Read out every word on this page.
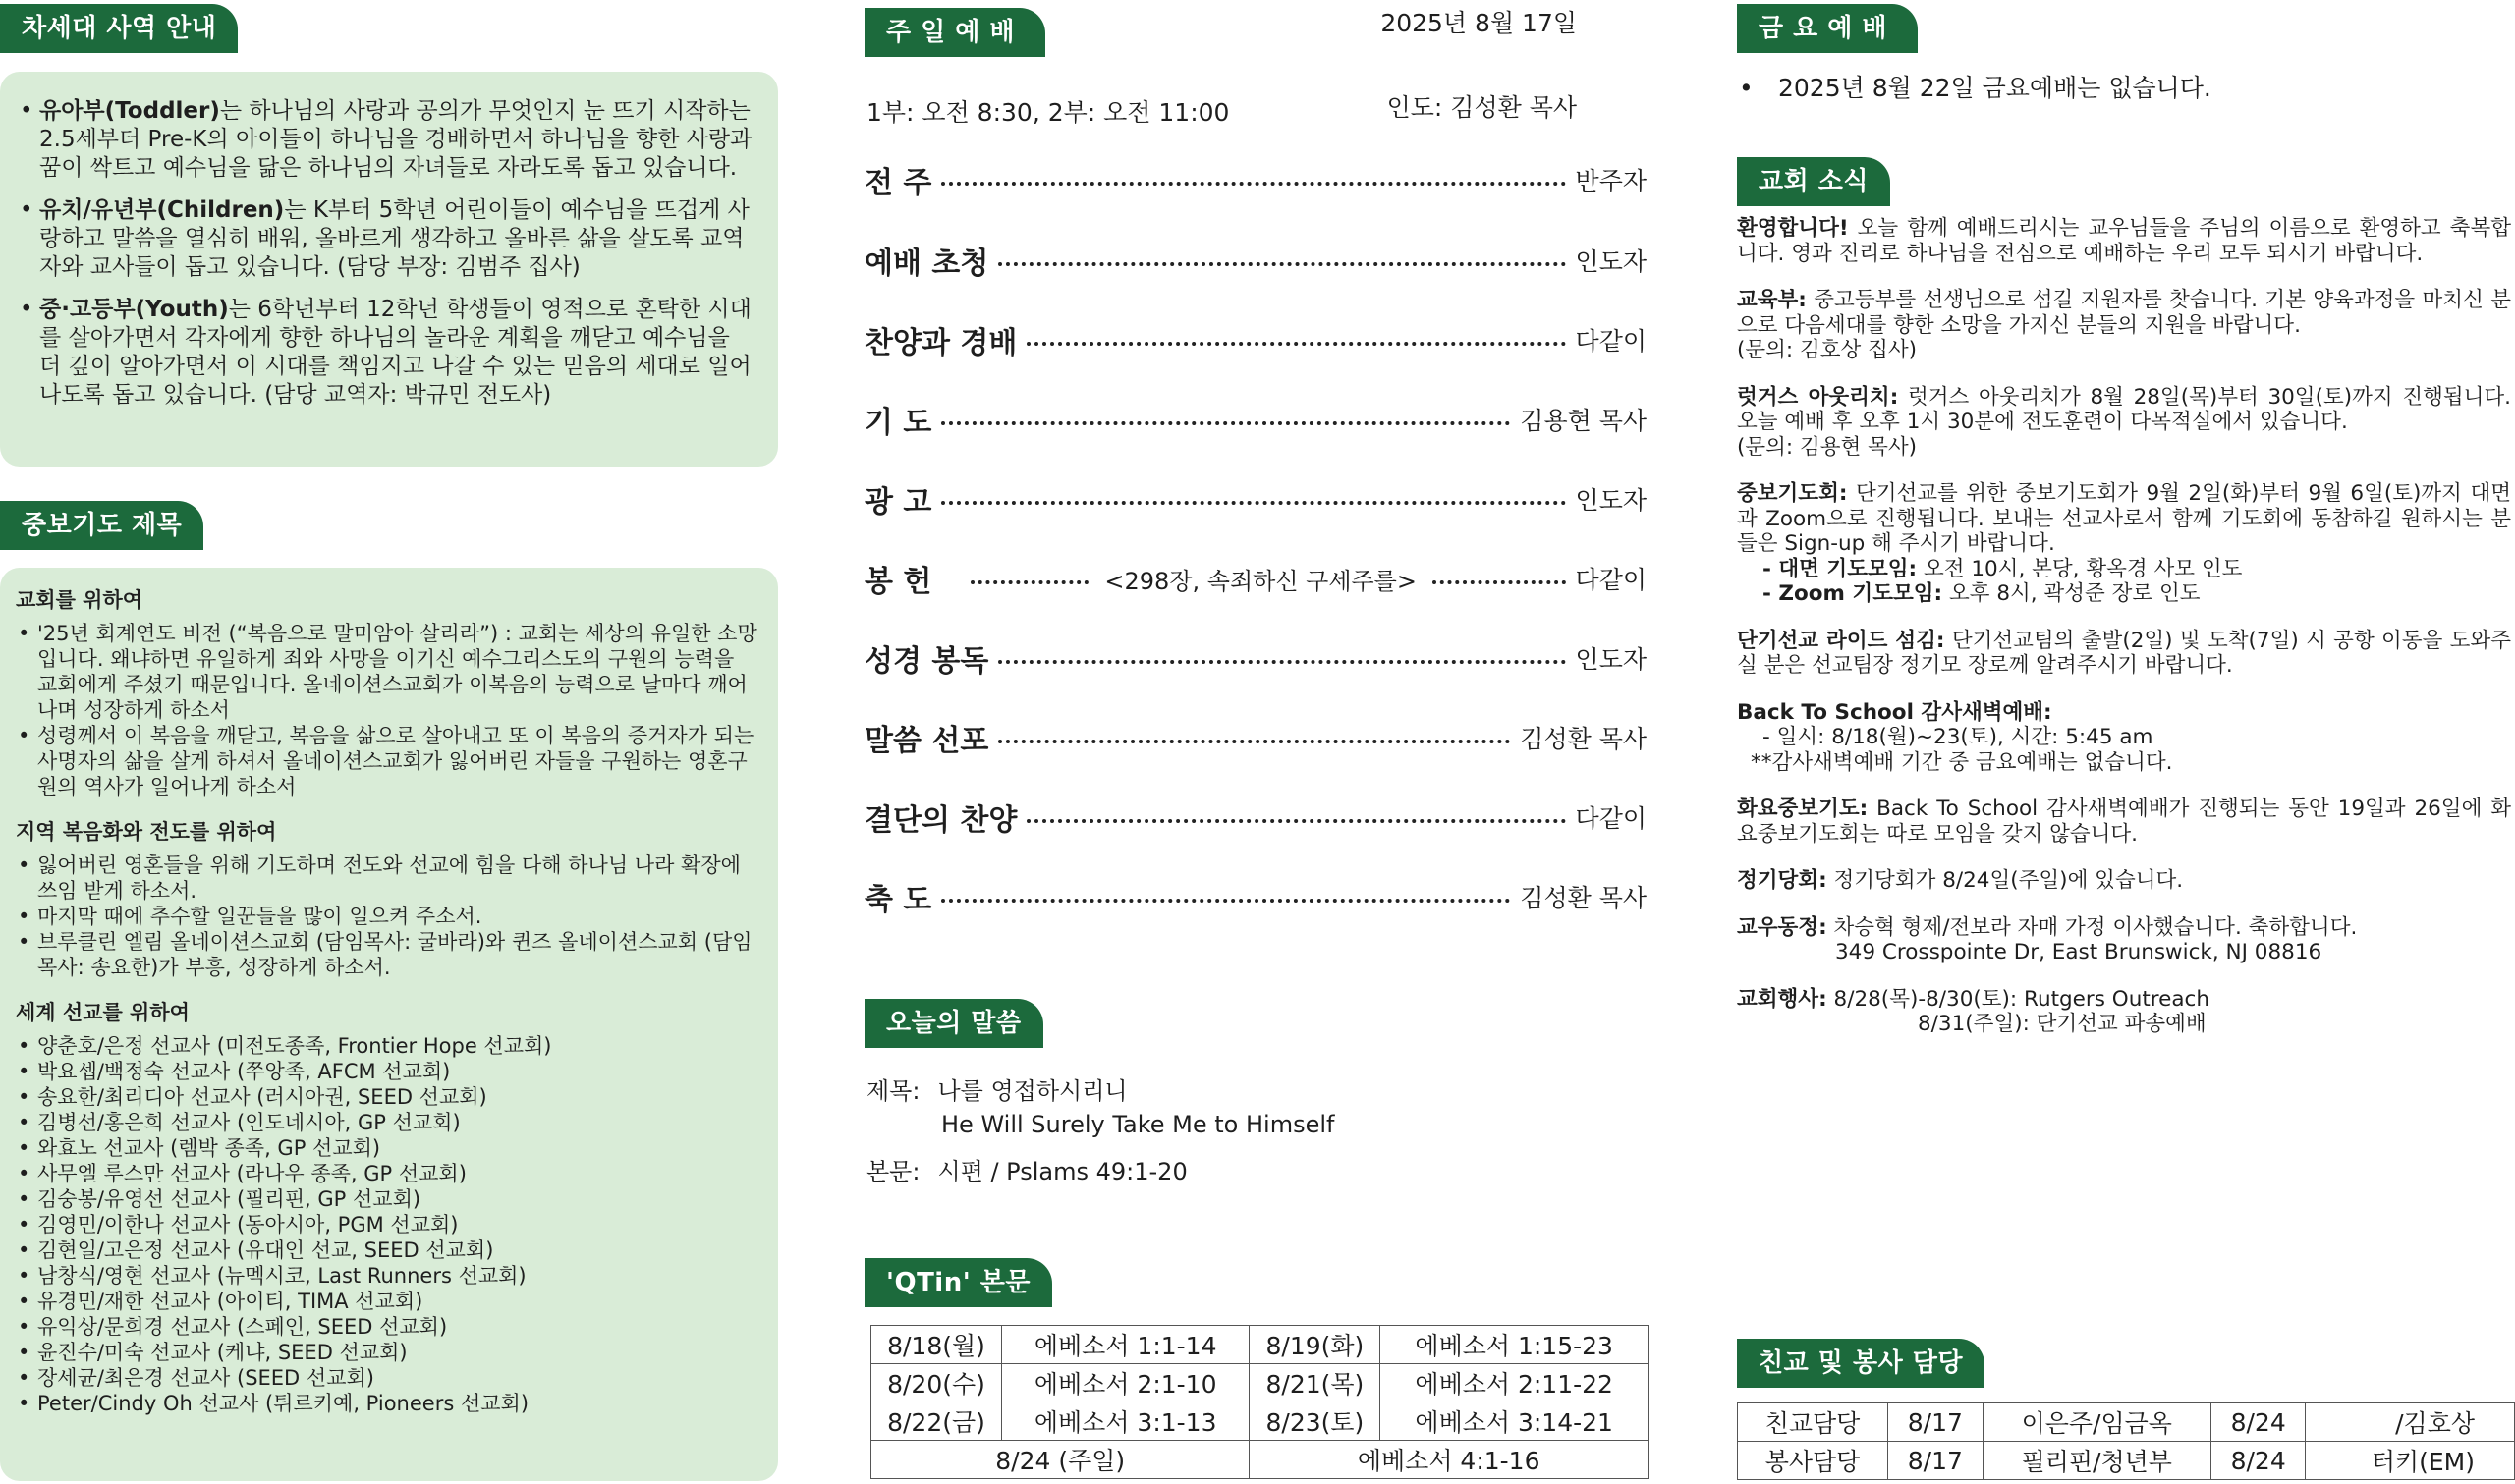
차세대 사역 안내
• 유아부(Toddler)는 하나님의 사랑과 공의가 무엇인지 눈 뜨기 시작하는 2.5세부터 Pre-K의 아이들이 하나님을 경배하면서 하나님을 향한 사랑과 꿈이 싹트고 예수님을 닮은 하나님의 자녀들로 자라도록 돕고 있습니다.
• 유치/유년부(Children)는 K부터 5학년 어린이들이 예수님을 뜨겁게 사랑하고 말씀을 열심히 배워, 올바르게 생각하고 올바른 삶을 살도록 교역자와 교사들이 돕고 있습니다. (담당 부장: 김범주 집사)
• 중·고등부(Youth)는 6학년부터 12학년 학생들이 영적으로 혼탁한 시대를 살아가면서 각자에게 향한 하나님의 놀라운 계획을 깨닫고 예수님을 더 깊이 알아가면서 이 시대를 책임지고 나갈 수 있는 믿음의 세대로 일어나도록 돕고 있습니다. (담당 교역자: 박규민 전도사)
중보기도 제목
교회를 위하여
• '25년 회계연도 비전 (“복음으로 말미암아 살리라”) : 교회는 세상의 유일한 소망입니다. 왜냐하면 유일하게 죄와 사망을 이기신 예수그리스도의 구원의 능력을 교회에게 주셨기 때문입니다. 올네이션스교회가 이복음의 능력으로 날마다 깨어나며 성장하게 하소서
• 성령께서 이 복음을 깨닫고, 복음을 삶으로 살아내고 또 이 복음의 증거자가 되는 사명자의 삶을 살게 하셔서 올네이션스교회가 잃어버린 자들을 구원하는 영혼구원의 역사가 일어나게 하소서
지역 복음화와 전도를 위하여
• 잃어버린 영혼들을 위해 기도하며 전도와 선교에 힘을 다해 하나님 나라 확장에 쓰임 받게 하소서.
• 마지막 때에 추수할 일꾼들을 많이 일으켜 주소서.
• 브루클린 엘림 올네이션스교회 (담임목사: 굴바라)와 퀸즈 올네이션스교회 (담임목사: 송요한)가 부흥, 성장하게 하소서.
세계 선교를 위하여
• 양춘호/은정 선교사 (미전도종족, Frontier Hope 선교회)
• 박요셉/백정숙 선교사 (쭈앙족, AFCM 선교회)
• 송요한/최리디아 선교사 (러시아권, SEED 선교회)
• 김병선/홍은희 선교사 (인도네시아, GP 선교회)
• 와효노 선교사 (렘박 종족, GP 선교회)
• 사무엘 루스만 선교사 (라나우 종족, GP 선교회)
• 김숭봉/유영선 선교사 (필리핀, GP 선교회)
• 김영민/이한나 선교사 (동아시아, PGM 선교회)
• 김현일/고은정 선교사 (유대인 선교, SEED 선교회)
• 남창식/영현 선교사 (뉴멕시코, Last Runners 선교회)
• 유경민/재한 선교사 (아이티, TIMA 선교회)
• 유익상/문희경 선교사 (스페인, SEED 선교회)
• 윤진수/미숙 선교사 (케냐, SEED 선교회)
• 장세균/최은경 선교사 (SEED 선교회)
• Peter/Cindy Oh 선교사 (튀르키예, Pioneers 선교회)
주일예배	2025년 8월 17일
1부: 오전 8:30, 2부: 오전 11:00	인도: 김성환 목사
전 주	반주자
예배 초청	인도자
찬양과 경배	다같이
기 도	김용현 목사
광 고	인도자
봉 헌	<298장, 속죄하신 구세주를>	다같이
성경 봉독	인도자
말씀 선포	김성환 목사
결단의 찬양	다같이
축 도	김성환 목사
오늘의 말씀
제목: 나를 영접하시리니
He Will Surely Take Me to Himself
본문: 시편 / Pslams 49:1-20
'QTin' 본문
8/18(월)	에베소서 1:1-14	8/19(화)	에베소서 1:15-23
8/20(수)	에베소서 2:1-10	8/21(목)	에베소서 2:11-22
8/22(금)	에베소서 3:1-13	8/23(토)	에베소서 3:14-21
8/24 (주일)		에베소서 4:1-16	
금요예배
• 2025년 8월 22일 금요예배는 없습니다.
교회 소식

환영합니다! 오늘 함께 예배드리시는 교우님들을 주님의 이름으로 환영하고 축복합니다. 영과 진리로 하나님을 전심으로 예배하는 우리 모두 되시기 바랍니다.

교육부: 중고등부를 선생님으로 섬길 지원자를 찾습니다. 기본 양육과정을 마치신 분으로 다음세대를 향한 소망을 가지신 분들의 지원을 바랍니다.
(문의: 김호상 집사)

럿거스 아웃리치: 럿거스 아웃리치가 8월 28일(목)부터 30일(토)까지 진행됩니다. 오늘 예배 후 오후 1시 30분에 전도훈련이 다목적실에서 있습니다.
(문의: 김용현 목사)

중보기도회: 단기선교를 위한 중보기도회가 9월 2일(화)부터 9월 6일(토)까지 대면과 Zoom으로 진행됩니다. 보내는 선교사로서 함께 기도회에 동참하길 원하시는 분들은 Sign-up 해 주시기 바랍니다.
- 대면 기도모임: 오전 10시, 본당, 황옥경 사모 인도
- Zoom 기도모임: 오후 8시, 곽성준 장로 인도

단기선교 라이드 섬김: 단기선교팀의 출발(2일) 및 도착(7일) 시 공항 이동을 도와주실 분은 선교팀장 정기모 장로께 알려주시기 바랍니다.

Back To School 감사새벽예배:
- 일시: 8/18(월)~23(토), 시간: 5:45 am
**감사새벽예배 기간 중 금요예배는 없습니다.

화요중보기도: Back To School 감사새벽예배가 진행되는 동안 19일과 26일에 화요중보기도회는 따로 모임을 갖지 않습니다.

정기당회: 정기당회가 8/24일(주일)에 있습니다.

교우동정: 차승혁 형제/전보라 자매 가정 이사했습니다. 축하합니다.
349 Crosspointe Dr, East Brunswick, NJ 08816

교회행사: 8/28(목)-8/30(토): Rutgers Outreach
8/31(주일): 단기선교 파송예배

친교 및 봉사 담당
친교담당	8/17	이은주/임금옥	8/24	/김호상
봉사담당	8/17	필리핀/청년부	8/24	터키(EM)
